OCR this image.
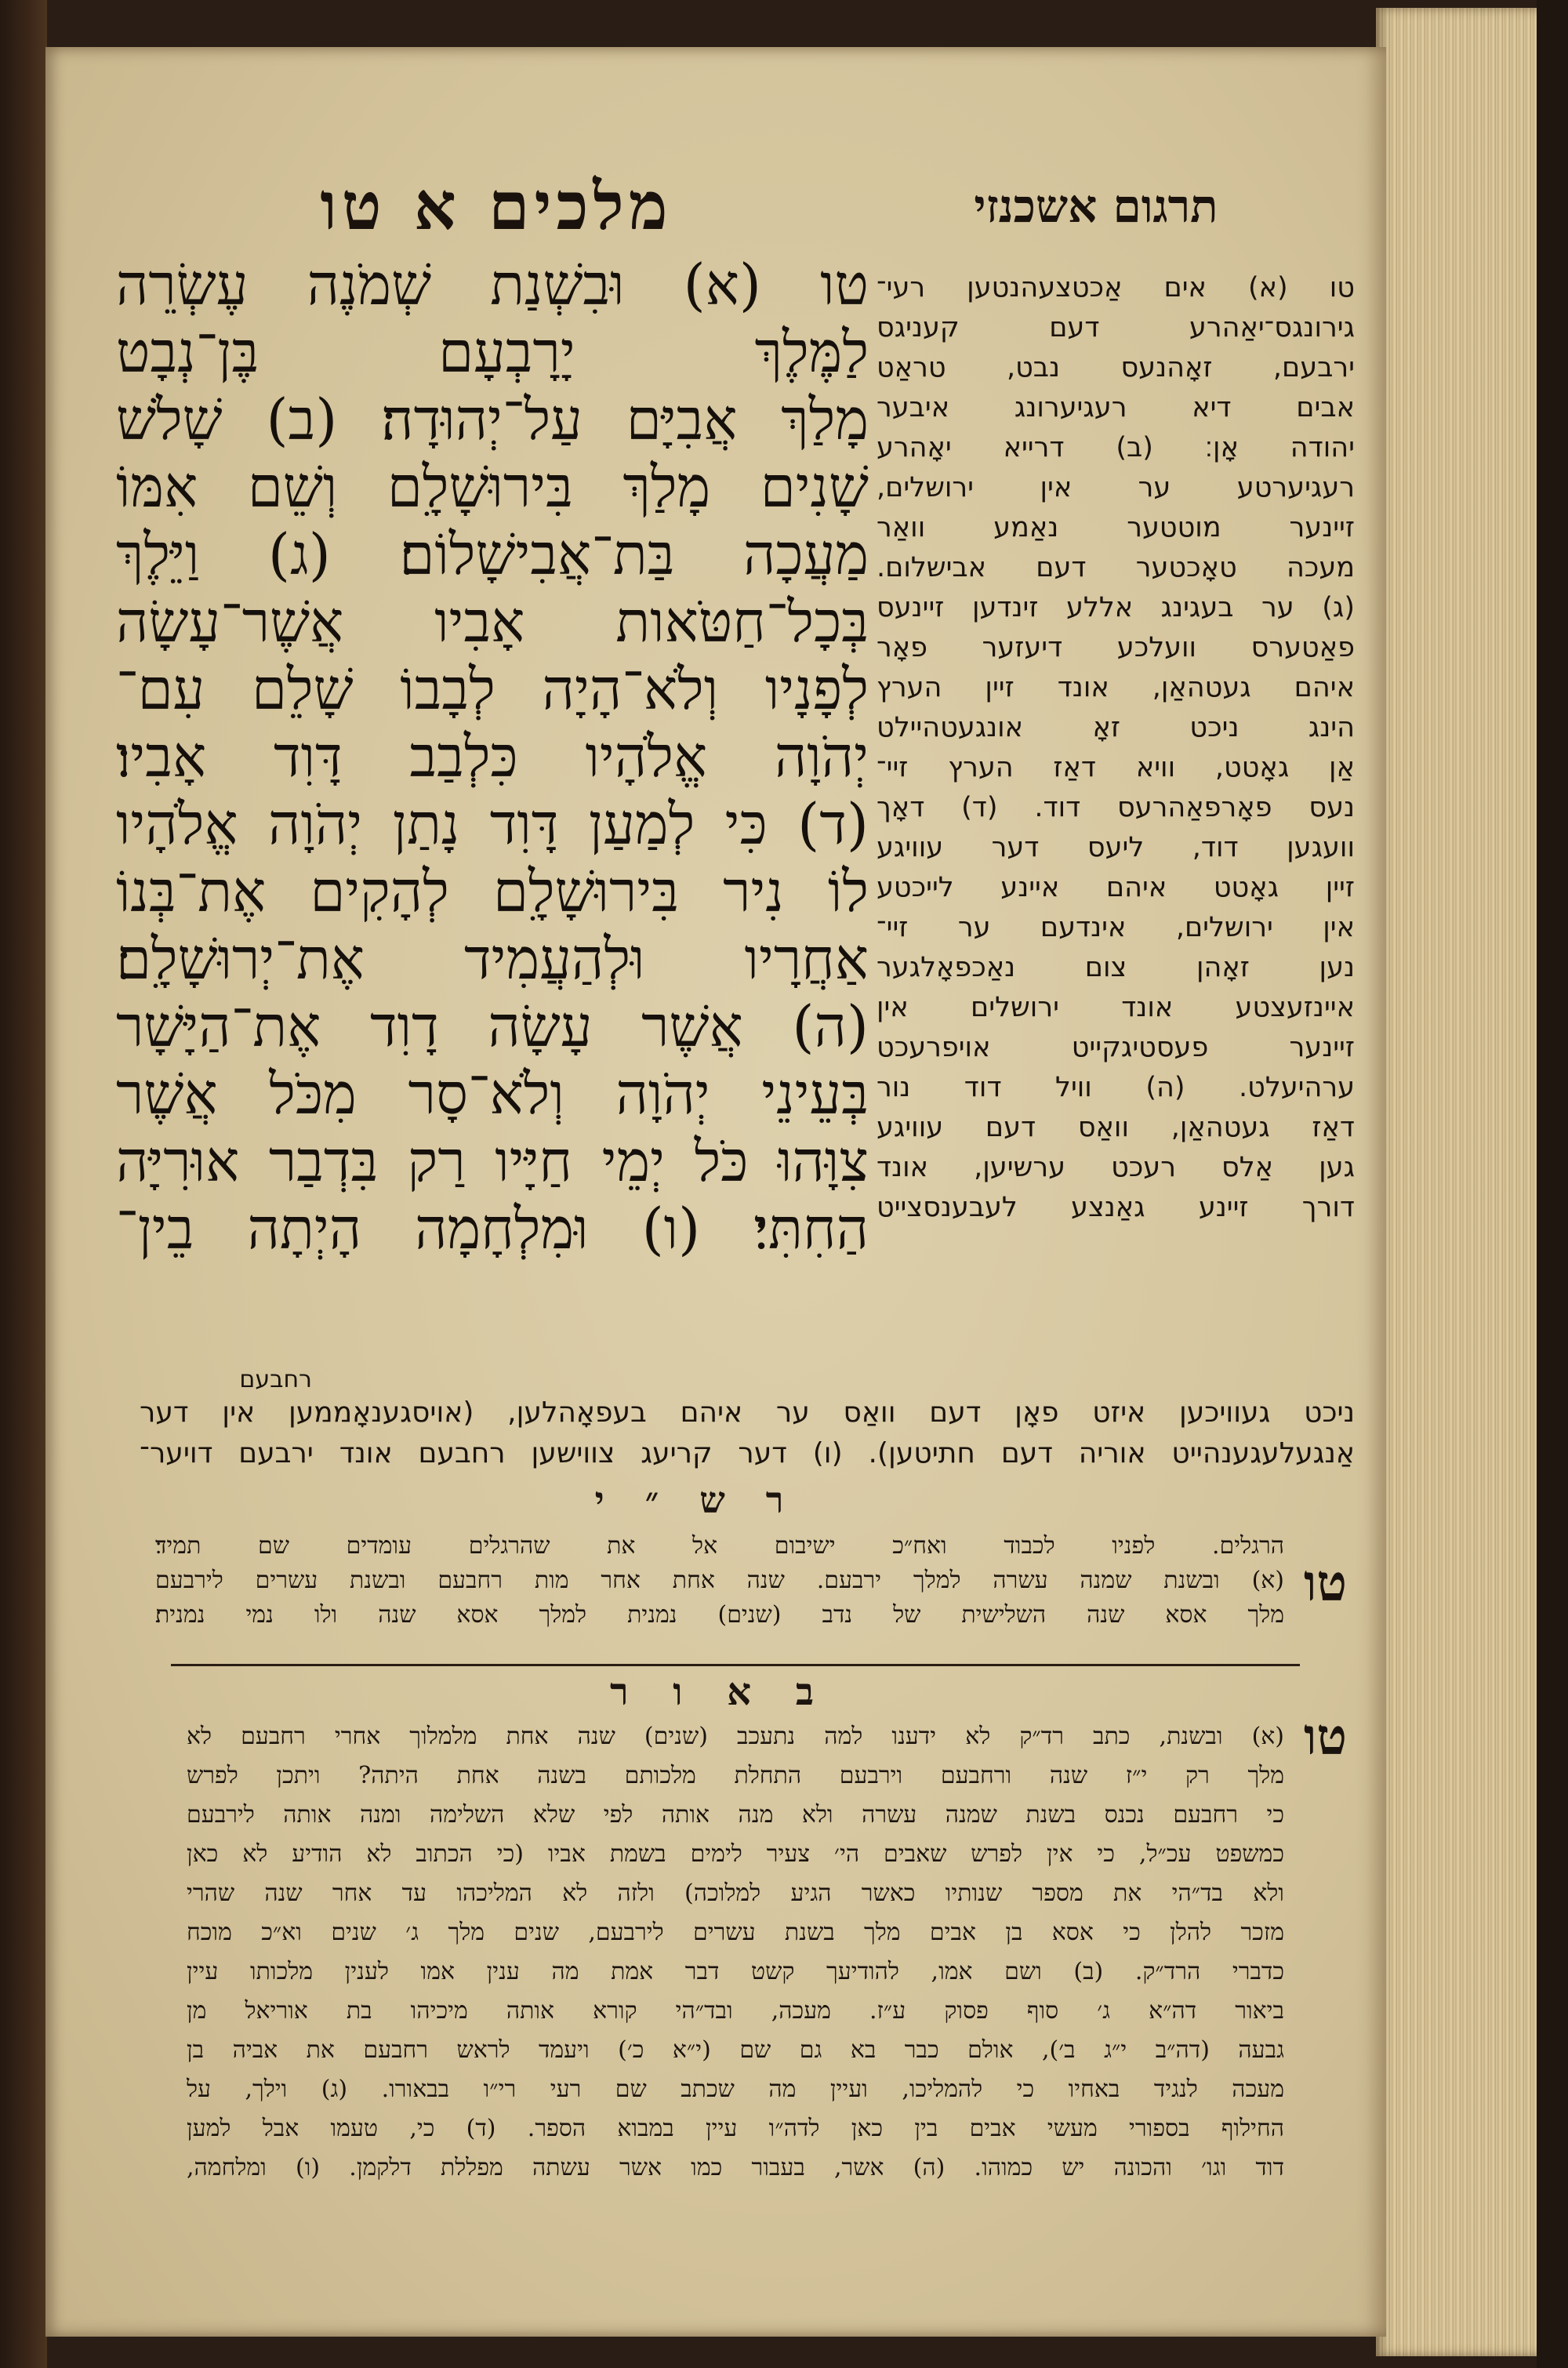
תרגום אשכנזי
מלכים א טו
טו (א) וּבִשְׁנַת שְׁמֹנֶה עֶשְׂרֵה
לַמֶּלֶךְ יָרָבְעָם בֶּן־נְבָט
מָלַךְ אֲבִיָּם עַל־יְהוּדָה׃ (ב) שָׁלֹשׁ
שָׁנִים מָלַךְ בִּירוּשָׁלִָם וְשֵׁם אִמּוֹ
מַעֲכָה בַּת־אֲבִישָׁלוֹם׃ (ג) וַיֵּלֶךְ
בְּכָל־חַטֹּאות אָבִיו אֲשֶׁר־עָשָׂה
לְפָנָיו וְלֹא־הָיָה לְבָבוֹ שָׁלֵם עִם־
יְהֹוָה אֱלֹהָיו כִּלְבַב דָּוִד אָבִיו׃
(ד) כִּי לְמַעַן דָּוִד נָתַן יְהֹוָה אֱלֹהָיו
לוֹ נִיר בִּירוּשָׁלִָם לְהָקִים אֶת־בְּנוֹ
אַחֲרָיו וּלְהַעֲמִיד אֶת־יְרוּשָׁלִָם׃
(ה) אֲשֶׁר עָשָׂה דָוִד אֶת־הַיָּשָׁר
בְּעֵינֵי יְהֹוָה וְלֹא־סָר מִכֹּל אֲשֶׁר
צִוָּהוּ כֹּל יְמֵי חַיָּיו רַק בִּדְבַר אוּרִיָּה
הַחִתִּי׃ (ו) וּמִלְחָמָה הָיְתָה בֵין־
טו (א) אים אַכטצעהנטען רעי־
גירונגס־יאַהרע דעם קעניגס
ירבעם, זאָהנעס נבט, טראַט
אבים דיא רעגיערונג איבער
יהודה אָן׃ (ב) דרייא יאָהרע
רעגיערטע ער אין ירושלים,
זיינער מוטטער נאַמע וואַר
מעכה טאָכטער דעם אבישלום.
(ג) ער בעגינג אללע זינדען זיינעס
פאַטערס וועלכע דיעזער פאָר
איהם געטהאַן, אונד זיין הערץ
הינג ניכט זאָ אונגעטהיילט
אַן גאָטט, וויא דאַז הערץ זיי־
נעס פאָרפאַהרעס דוד. (ד) דאָך
וועגען דוד, ליעס דער עוויגע
זיין גאָטט איהם איינע לייכטע
אין ירושלים, אינדעם ער זיי־
נען זאָהן צום נאַכפאָלגער
איינזעצטע אונד ירושלים אין
זיינער פעסטיגקייט אויפרעכט
ערהיעלט. (ה) וויל דוד נור
דאַז געטהאַן, וואַס דעם עוויגע
גען אַלס רעכט ערשיען, אונד
דורך זיינע גאַנצע לעבענסצייט
רחבעם
ניכט געוויכען איזט פאָן דעם וואַס ער איהם בעפאָהלען, (אויסגענאָממען אין דער
אַנגעלעגענהייט אוריה דעם חתיטען). (ו) דער קריעג צווישען רחבעם אונד ירבעם דויער־
ר ש ״ י
טו
הרגלים. לפניו לכבוד ואח״כ ישיבום אל את שהרגלים עומדים שם תמיד׃
(א) ובשנת שמנה עשרה למלך ירבעם. שנה אחת אחר מות רחבעם ובשנת עשרים לירבעם
מלך אסא שנה השלישית של נדב (שנים) נמנית למלך אסא שנה ולו נמי נמנית׃
ב א ו ר
טו
(א) ובשנת, כתב רד״ק לא ידענו למה נתעכב (שנים) שנה אחת מלמלוך אחרי רחבעם לא
מלך רק י״ז שנה ורחבעם וירבעם התחלת מלכותם בשנה אחת היתה? ויתכן לפרש
כי רחבעם נכנס בשנת שמנה עשרה ולא מנה אותה לפי שלא השלימה ומנה אותה לירבעם
כמשפט עכ״ל, כי אין לפרש שאבים הי׳ צעיר לימים בשמת אביו (כי הכתוב לא הודיע לא כאן
ולא בד״הי את מספר שנותיו כאשר הגיע למלוכה) ולזה לא המליכהו עד אחר שנה שהרי
מזכר להלן כי אסא בן אבים מלך בשנת עשרים לירבעם, שנים מלך ג׳ שנים וא״כ מוכח
כדברי הרד״ק. (ב) ושם אמו, להודיעך קשט דבר אמת מה ענין אמו לענין מלכותו עיין
ביאור דה״א ג׳ סוף פסוק ע״ז. מעכה, ובד״הי קורא אותה מיכיהו בת אוריאל מן
גבעה (דה״ב י״ג ב׳), אולם כבר בא גם שם (י״א כ׳) ויעמד לראש רחבעם את אביה בן
מעכה לנגיד באחיו כי להמליכו, ועיין מה שכתב שם רעי רי״ו בבאורו. (ג) וילך, על
החילוף בספורי מעשי אבים בין כאן לדה״ו עיין במבוא הספר. (ד) כי, טעמו אבל למען
דוד וגו׳ והכונה יש כמוהו. (ה) אשר, בעבור כמו אשר עשתה מפללת דלקמן. (ו) ומלחמה,
